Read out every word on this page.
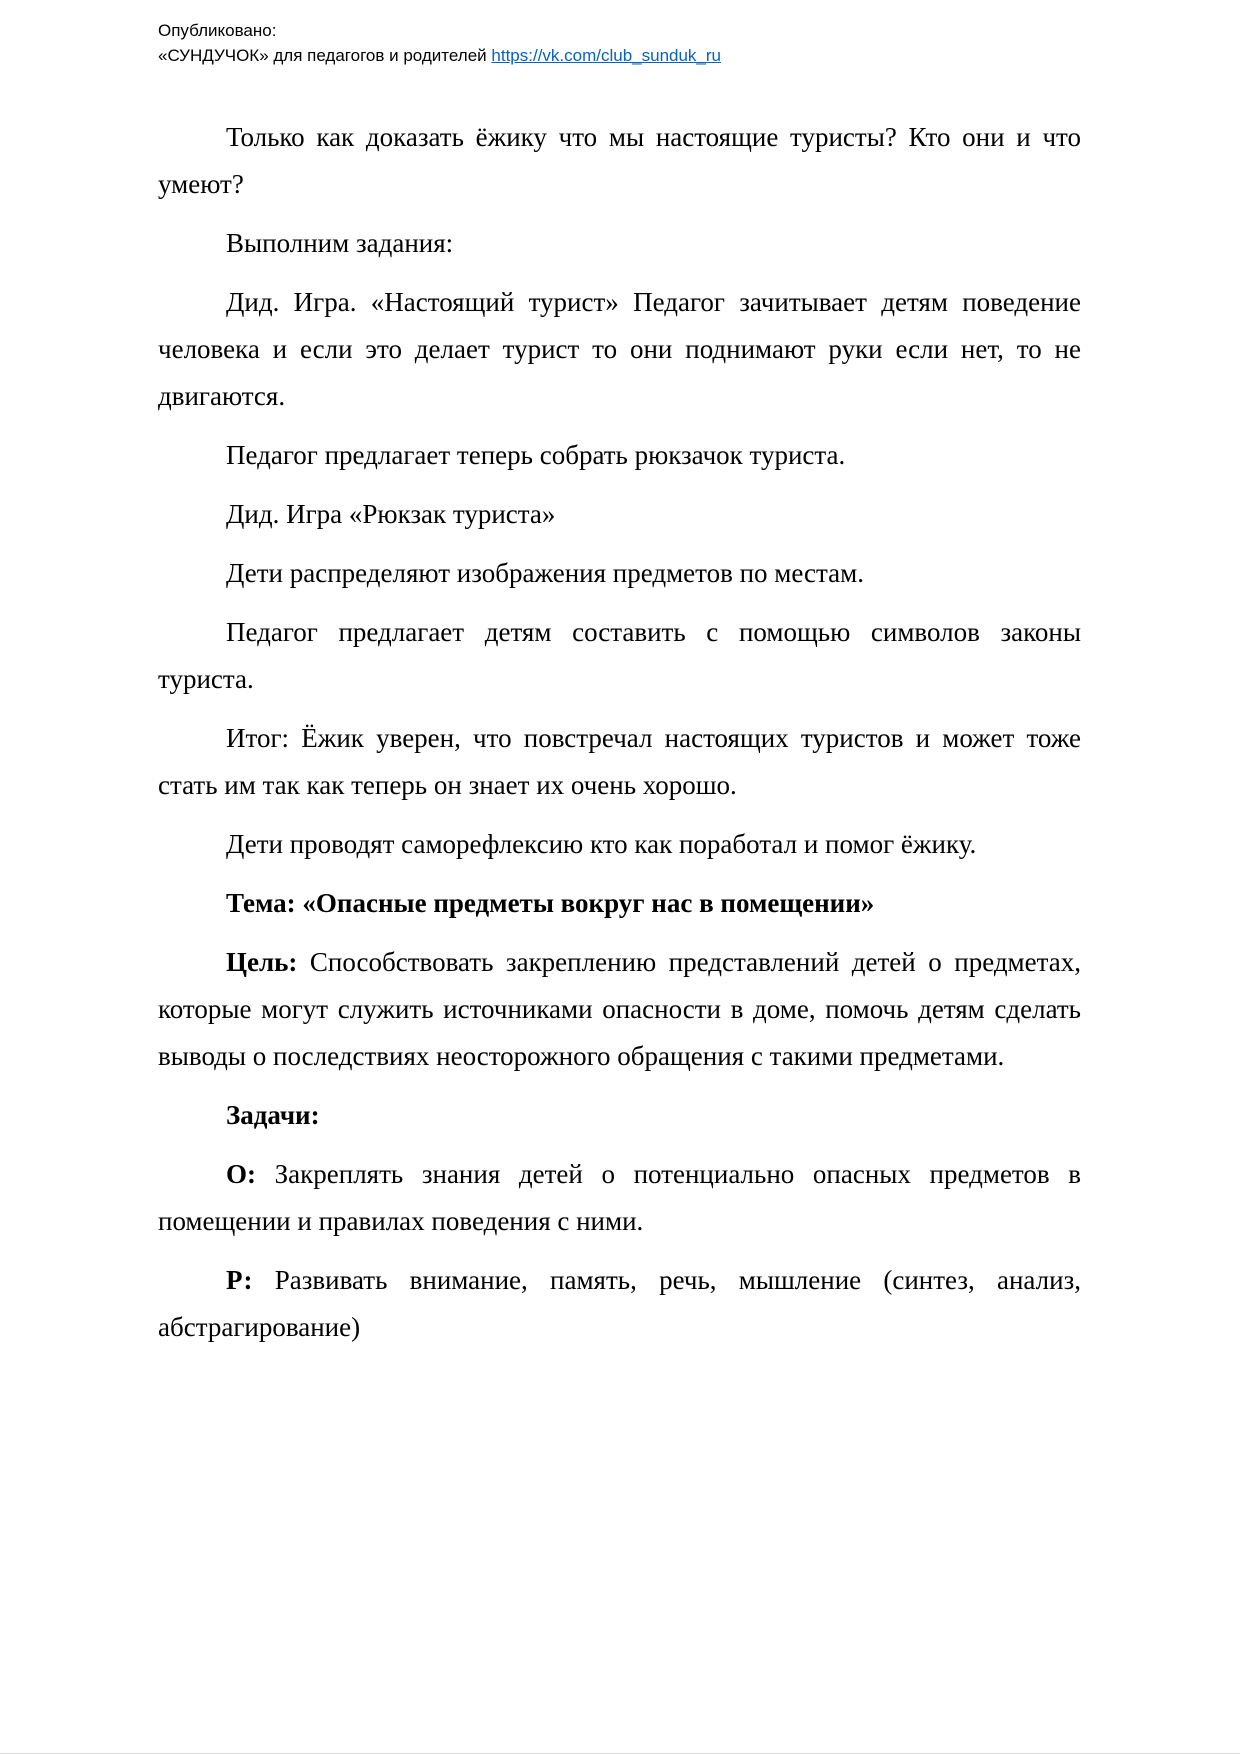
Опубликовано:
«СУНДУЧОК» для педагогов и родителей https://vk.com/club_sunduk_ru

Только как доказать ёжику что мы настоящие туристы? Кто они и что умеют?

Выполним задания:

Дид. Игра. «Настоящий турист» Педагог зачитывает детям поведение человека и если это делает турист то они поднимают руки если нет, то не двигаются.

Педагог предлагает теперь собрать рюкзачок туриста.

Дид. Игра «Рюкзак туриста»

Дети распределяют изображения предметов по местам.

Педагог предлагает детям составить с помощью символов законы туриста.

Итог: Ёжик уверен, что повстречал настоящих туристов и может тоже стать им так как теперь он знает их очень хорошо.

Дети проводят саморефлексию кто как поработал и помог ёжику.

Тема: «Опасные предметы вокруг нас в помещении»

Цель: Способствовать закреплению представлений детей о предметах, которые могут служить источниками опасности в доме, помочь детям сделать выводы о последствиях неосторожного обращения с такими предметами.

Задачи:

О: Закреплять знания детей о потенциально опасных предметов в помещении и правилах поведения с ними.

Р: Развивать внимание, память, речь, мышление (синтез, анализ, абстрагирование)
